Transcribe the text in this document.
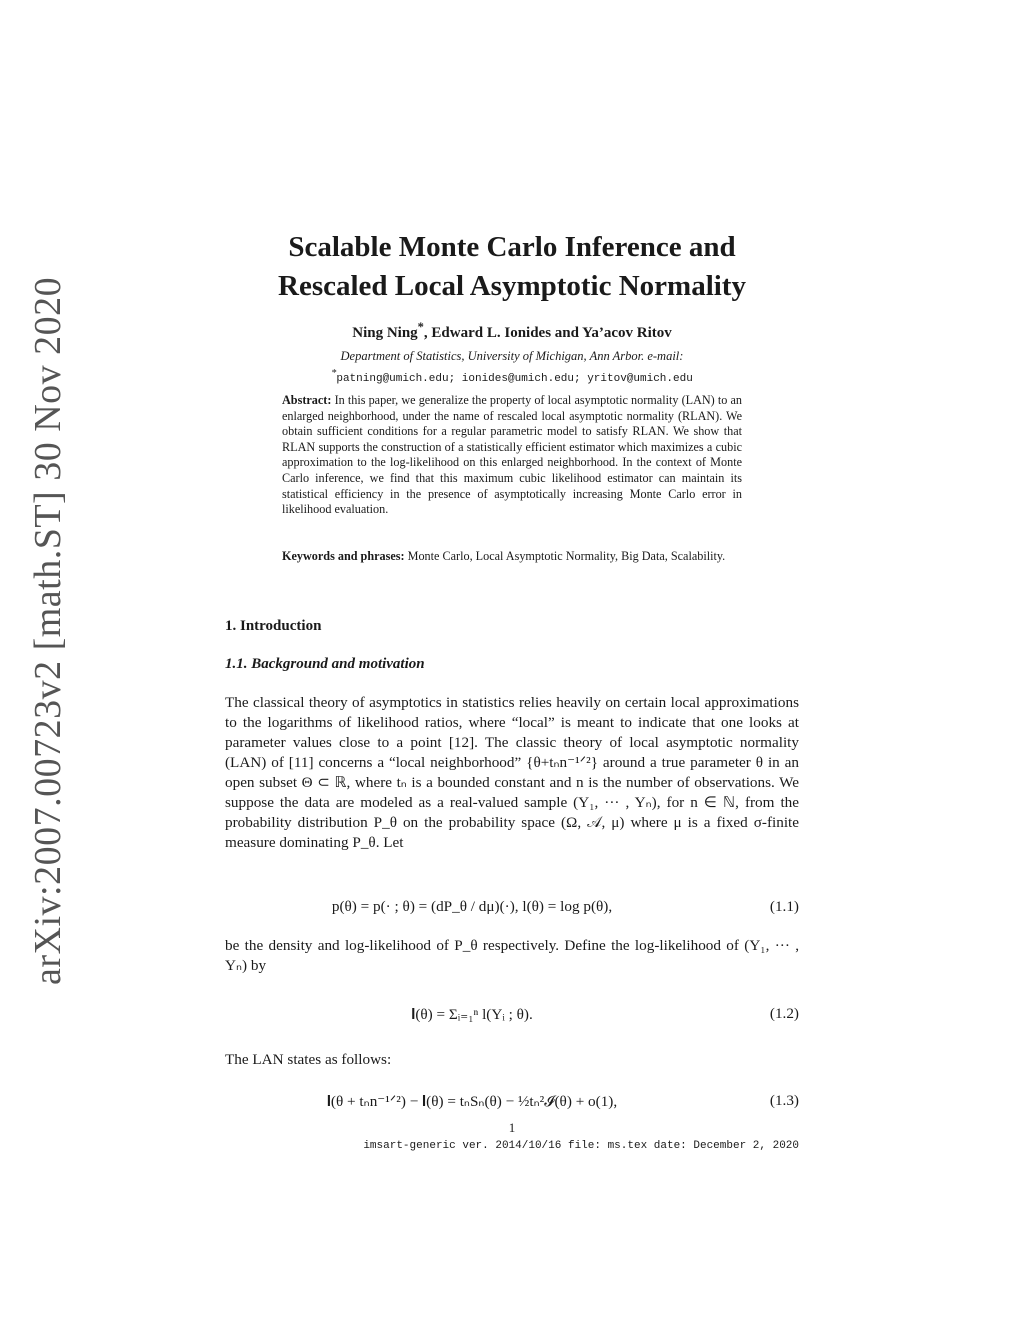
arXiv:2007.00723v2 [math.ST] 30 Nov 2020
Scalable Monte Carlo Inference and
Rescaled Local Asymptotic Normality
Ning Ning*, Edward L. Ionides and Ya’acov Ritov
Department of Statistics, University of Michigan, Ann Arbor. e-mail:
*patning@umich.edu; ionides@umich.edu; yritov@umich.edu
Abstract: In this paper, we generalize the property of local asymptotic normality (LAN) to an enlarged neighborhood, under the name of rescaled local asymptotic normality (RLAN). We obtain sufficient conditions for a regular parametric model to satisfy RLAN. We show that RLAN supports the construction of a statistically efficient estimator which maximizes a cubic approximation to the log-likelihood on this enlarged neighborhood. In the context of Monte Carlo inference, we find that this maximum cubic likelihood estimator can maintain its statistical efficiency in the presence of asymptotically increasing Monte Carlo error in likelihood evaluation.
Keywords and phrases: Monte Carlo, Local Asymptotic Normality, Big Data, Scalability.
1. Introduction
1.1. Background and motivation
The classical theory of asymptotics in statistics relies heavily on certain local approximations to the logarithms of likelihood ratios, where “local” is meant to indicate that one looks at parameter values close to a point [12]. The classic theory of local asymptotic normality (LAN) of [11] concerns a “local neighborhood” {θ+tₙn⁻¹ᐟ²} around a true parameter θ in an open subset Θ ⊂ ℝ, where tₙ is a bounded constant and n is the number of observations. We suppose the data are modeled as a real-valued sample (Y₁, ··· , Yₙ), for n ∈ ℕ, from the probability distribution P_θ on the probability space (Ω, 𝒜, μ) where μ is a fixed σ-finite measure dominating P_θ. Let
p(θ) = p(· ; θ) = (dP_θ / dμ)(·), l(θ) = log p(θ),	(1.1)
be the density and log-likelihood of P_θ respectively. Define the log-likelihood of (Y₁, ··· , Yₙ) by
𝐥(θ) = Σᵢ₌₁ⁿ l(Yᵢ ; θ).	(1.2)
The LAN states as follows:
𝐥(θ + tₙn⁻¹ᐟ²) − 𝐥(θ) = tₙSₙ(θ) − ½tₙ²𝓘(θ) + o(1),	(1.3)
1
imsart-generic ver. 2014/10/16 file: ms.tex date: December 2, 2020
